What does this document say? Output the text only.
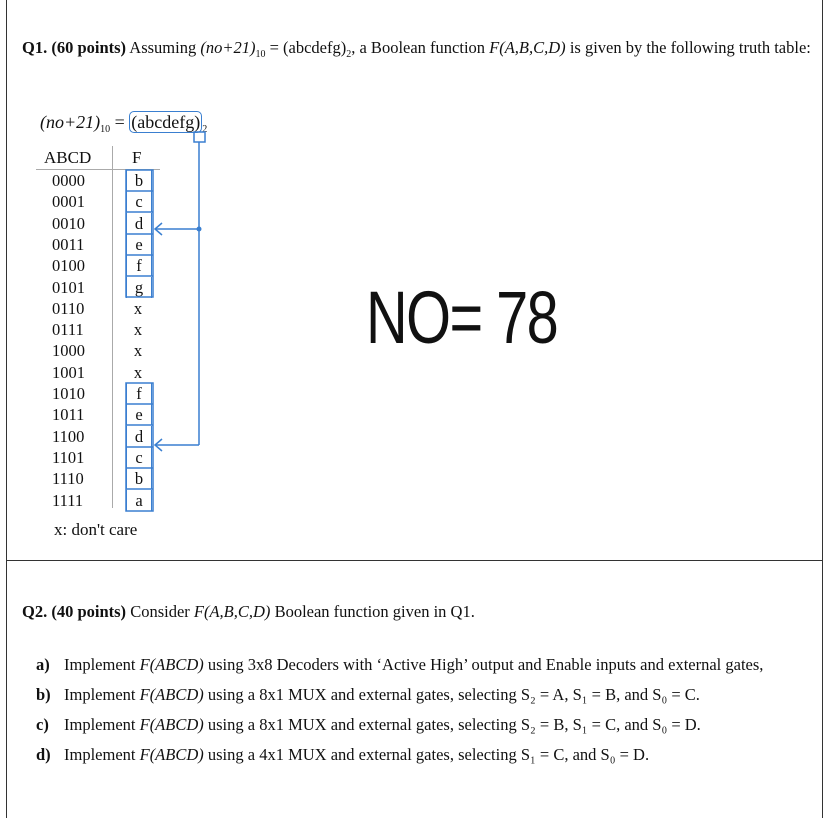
Q1. (60 points) Assuming $(no+21)_{10}$ = $(abcdefg)_2$, a Boolean function F(A,B,C,D) is given by the following truth table:
$(no+21)_{10}$ = (abcdefg) $_2$
ABCD F
0000	b
0001	c
0010	d
0011	e
0100	f
0101	g
0110	x
0111	x
1000	x
1001	x
1010	f
1011	e
1100	d
1101	c
1110	b
1111	a
x: don't care
NO= 78
Q2. (40 points) Consider F(A,B,C,D) Boolean function given in Q1.
a) Implement F(ABCD) using 3x8 Decoders with ‘Active High’ output and Enable inputs and external gates,
b) Implement F(ABCD) using a 8x1 MUX and external gates, selecting S₂ = A, S₁ = B, and S₀ = C.
c) Implement F(ABCD) using a 8x1 MUX and external gates, selecting S₂ = B, S₁ = C, and S₀ = D.
d) Implement F(ABCD) using a 4x1 MUX and external gates, selecting S₁ = C, and S₀ = D.
